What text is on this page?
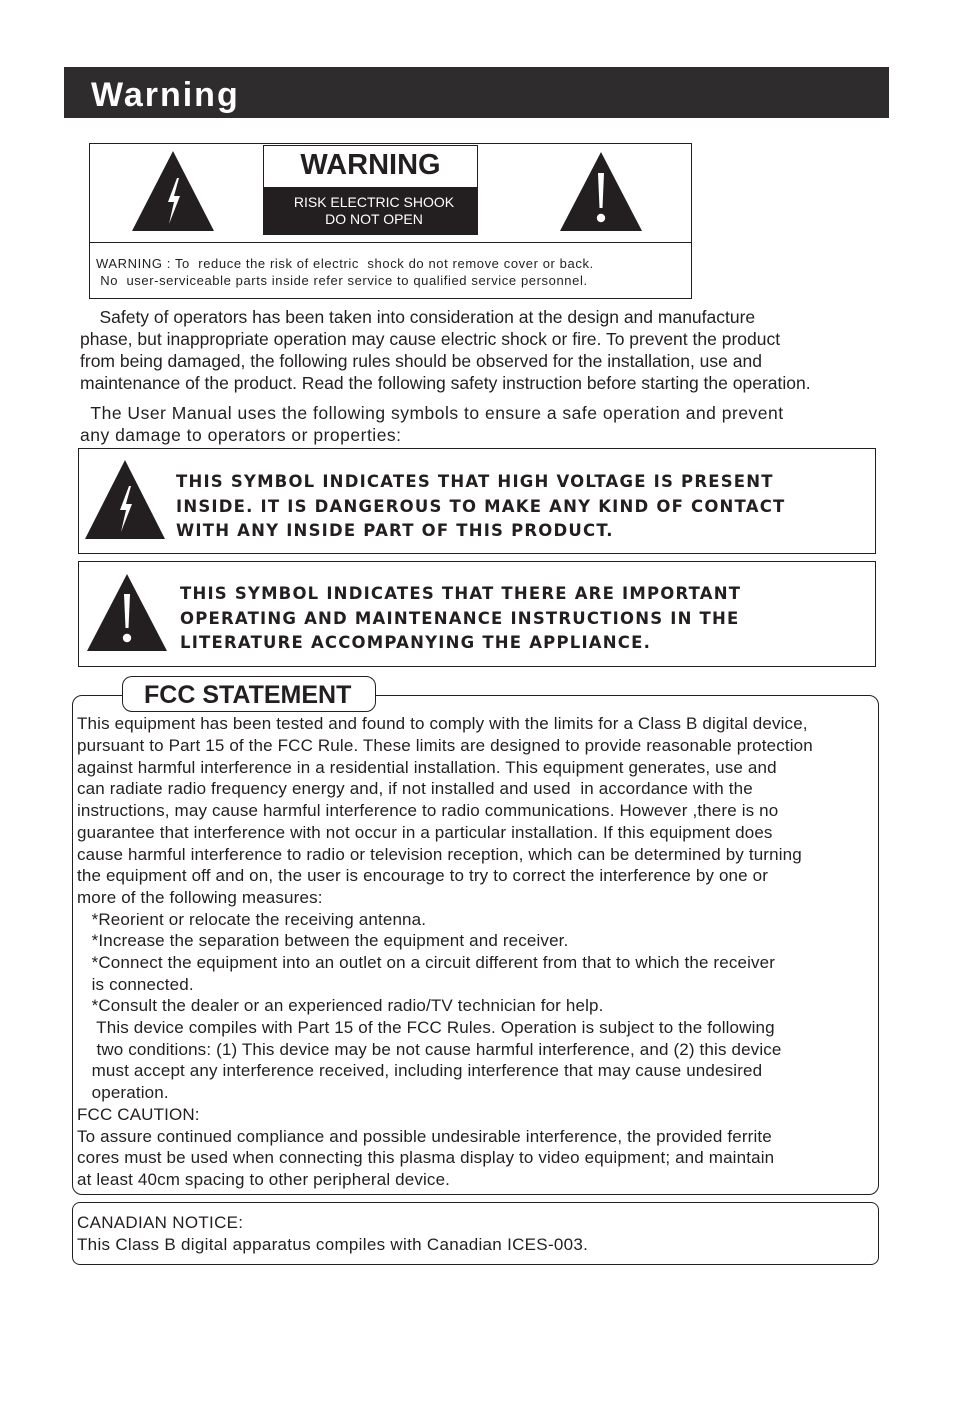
Warning
WARNING
RISK ELECTRIC SHOOK
DO NOT OPEN
WARNING : To  reduce the risk of electric  shock do not remove cover or back.
No  user-serviceable parts inside refer service to qualified service personnel.
Safety of operators has been taken into consideration at the design and manufacture
phase, but inappropriate operation may cause electric shock or fire. To prevent the product
from being damaged, the following rules should be observed for the installation, use and
maintenance of the product. Read the following safety instruction before starting the operation.
The User Manual uses the following symbols to ensure a safe operation and prevent
any damage to operators or properties:
THIS SYMBOL INDICATES THAT HIGH VOLTAGE IS PRESENT
INSIDE. IT IS DANGEROUS TO MAKE ANY KIND OF CONTACT
WITH ANY INSIDE PART OF THIS PRODUCT.
THIS SYMBOL INDICATES THAT THERE ARE IMPORTANT
OPERATING AND MAINTENANCE INSTRUCTIONS IN THE
LITERATURE ACCOMPANYING THE APPLIANCE.
FCC STATEMENT
This equipment has been tested and found to comply with the limits for a Class B digital device,
pursuant to Part 15 of the FCC Rule. These limits are designed to provide reasonable protection
against harmful interference in a residential installation. This equipment generates, use and
can radiate radio frequency energy and, if not installed and used  in accordance with the
instructions, may cause harmful interference to radio communications. However ,there is no
guarantee that interference with not occur in a particular installation. If this equipment does
cause harmful interference to radio or television reception, which can be determined by turning
the equipment off and on, the user is encourage to try to correct the interference by one or
more of the following measures:
*Reorient or relocate the receiving antenna.
*Increase the separation between the equipment and receiver.
*Connect the equipment into an outlet on a circuit different from that to which the receiver
is connected.
*Consult the dealer or an experienced radio/TV technician for help.
This device compiles with Part 15 of the FCC Rules. Operation is subject to the following
two conditions: (1) This device may be not cause harmful interference, and (2) this device
must accept any interference received, including interference that may cause undesired
operation.
FCC CAUTION:
To assure continued compliance and possible undesirable interference, the provided ferrite
cores must be used when connecting this plasma display to video equipment; and maintain
at least 40cm spacing to other peripheral device.
CANADIAN NOTICE:
This Class B digital apparatus compiles with Canadian ICES-003.
